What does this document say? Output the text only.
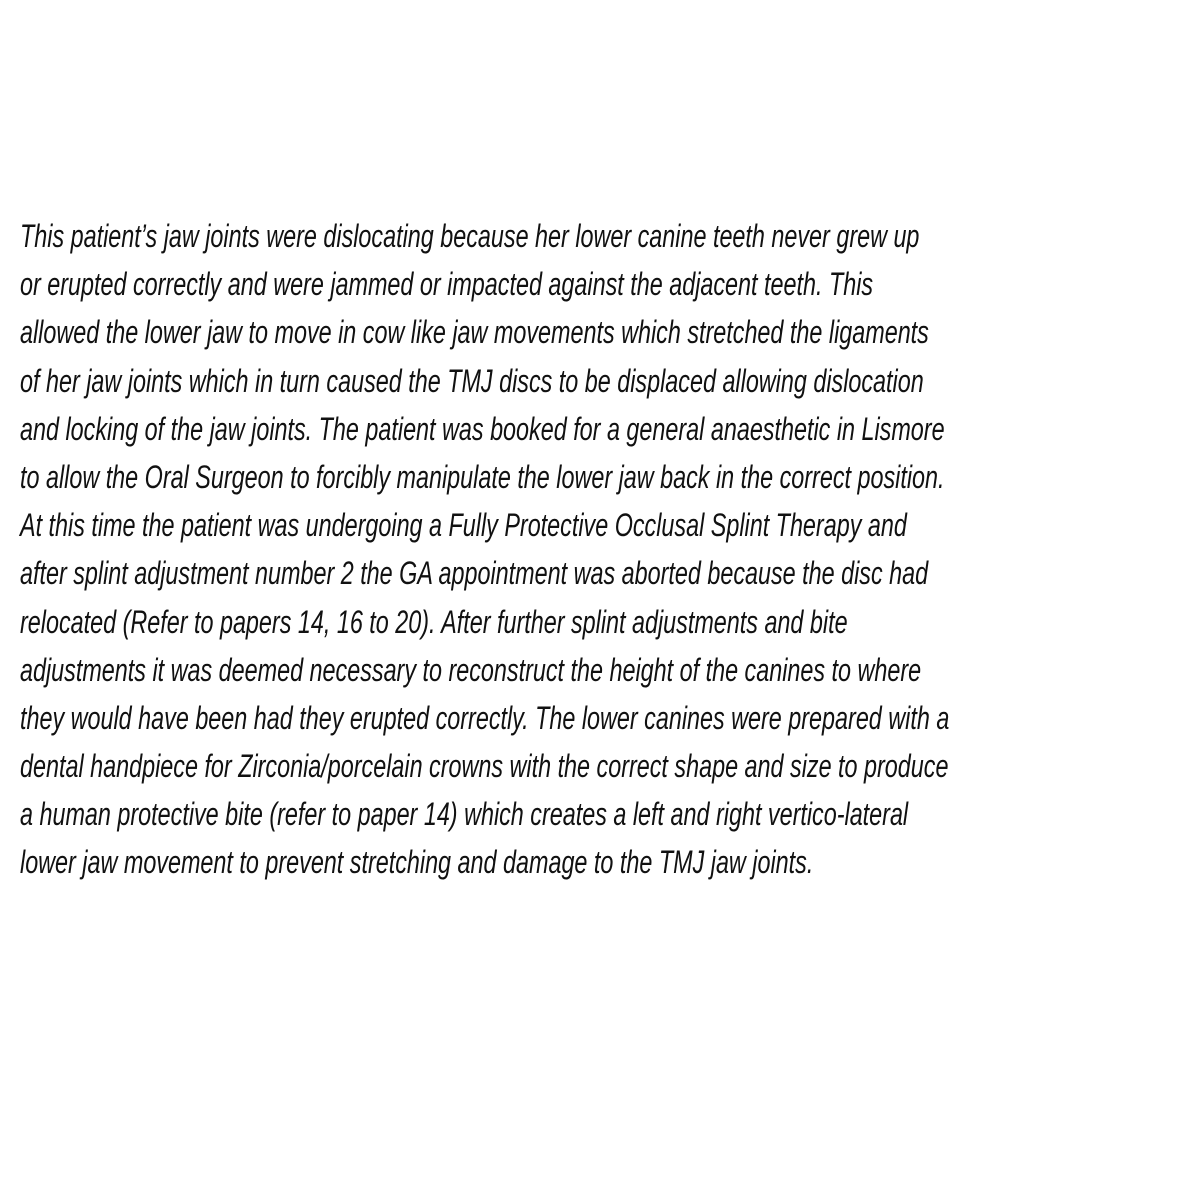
This patient’s jaw joints were dislocating because her lower canine teeth never grew up
or erupted correctly and were jammed or impacted against the adjacent teeth. This
allowed the lower jaw to move in cow like jaw movements which stretched the ligaments
of her jaw joints which in turn caused the TMJ discs to be displaced allowing dislocation
and locking of the jaw joints. The patient was booked for a general anaesthetic in Lismore
to allow the Oral Surgeon to forcibly manipulate the lower jaw back in the correct position.
At this time the patient was undergoing a Fully Protective Occlusal Splint Therapy and
after splint adjustment number 2 the GA appointment was aborted because the disc had
relocated (Refer to papers 14, 16 to 20). After further splint adjustments and bite
adjustments it was deemed necessary to reconstruct the height of the canines to where
they would have been had they erupted correctly. The lower canines were prepared with a
dental handpiece for Zirconia/porcelain crowns with the correct shape and size to produce
a human protective bite (refer to paper 14) which creates a left and right vertico-lateral
lower jaw movement to prevent stretching and damage to the TMJ jaw joints.
